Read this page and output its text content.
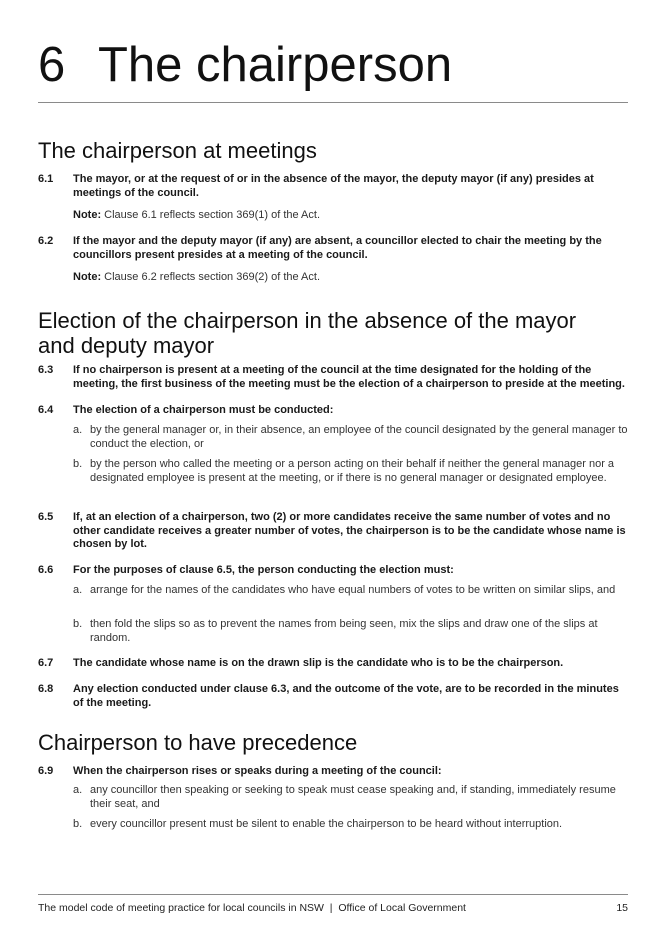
6 The chairperson
The chairperson at meetings
6.1 The mayor, or at the request of or in the absence of the mayor, the deputy mayor (if any) presides at meetings of the council.
Note: Clause 6.1 reflects section 369(1) of the Act.
6.2 If the mayor and the deputy mayor (if any) are absent, a councillor elected to chair the meeting by the councillors present presides at a meeting of the council.
Note: Clause 6.2 reflects section 369(2) of the Act.
Election of the chairperson in the absence of the mayor and deputy mayor
6.3 If no chairperson is present at a meeting of the council at the time designated for the holding of the meeting, the first business of the meeting must be the election of a chairperson to preside at the meeting.
6.4 The election of a chairperson must be conducted:
a. by the general manager or, in their absence, an employee of the council designated by the general manager to conduct the election, or
b. by the person who called the meeting or a person acting on their behalf if neither the general manager nor a designated employee is present at the meeting, or if there is no general manager or designated employee.
6.5 If, at an election of a chairperson, two (2) or more candidates receive the same number of votes and no other candidate receives a greater number of votes, the chairperson is to be the candidate whose name is chosen by lot.
6.6 For the purposes of clause 6.5, the person conducting the election must:
a. arrange for the names of the candidates who have equal numbers of votes to be written on similar slips, and
b. then fold the slips so as to prevent the names from being seen, mix the slips and draw one of the slips at random.
6.7 The candidate whose name is on the drawn slip is the candidate who is to be the chairperson.
6.8 Any election conducted under clause 6.3, and the outcome of the vote, are to be recorded in the minutes of the meeting.
Chairperson to have precedence
6.9 When the chairperson rises or speaks during a meeting of the council:
a. any councillor then speaking or seeking to speak must cease speaking and, if standing, immediately resume their seat, and
b. every councillor present must be silent to enable the chairperson to be heard without interruption.
The model code of meeting practice for local councils in NSW  |  Office of Local Government	15
